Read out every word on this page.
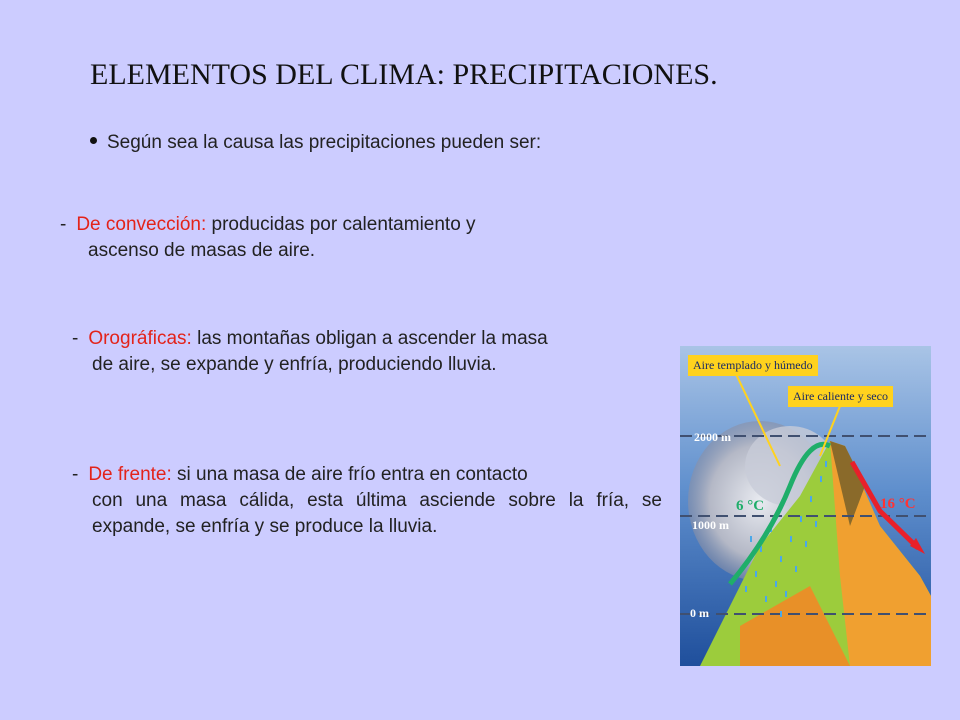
ELEMENTOS DEL CLIMA: PRECIPITACIONES.
Según sea la causa las precipitaciones pueden ser:
- De convección: producidas por calentamiento y
ascenso de masas de aire.
- Orográficas: las montañas obligan a ascender la masa
de aire, se expande y enfría, produciendo lluvia.
- De frente: si una masa de aire frío entra en contacto
con una masa cálida, esta última asciende sobre la fría, se expande, se enfría y se produce la lluvia.
Aire templado y húmedo
Aire caliente y seco
2000 m
1000 m
0 m
6 °C	16 °C
